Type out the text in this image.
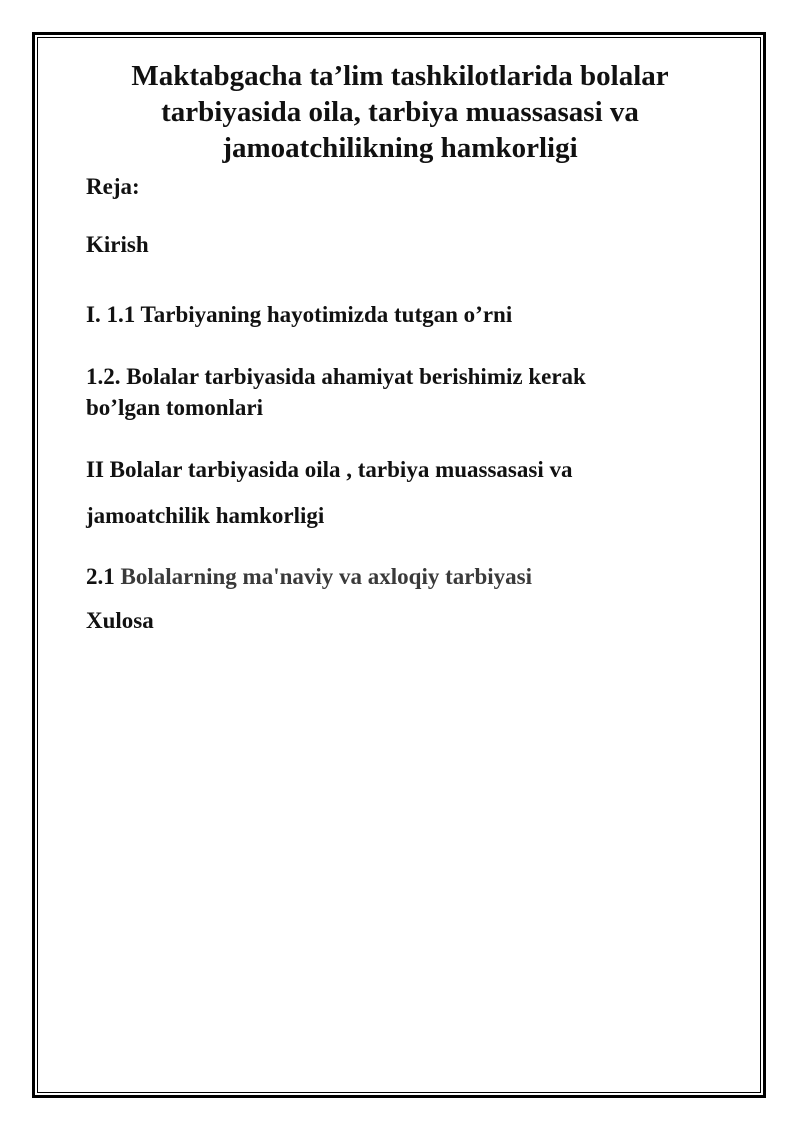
Maktabgacha ta’lim tashkilotlarida bolalar
tarbiyasida oila, tarbiya muassasasi va
jamoatchilikning hamkorligi

Reja:

Kirish

I. 1.1 Tarbiyaning hayotimizda tutgan o’rni

1.2. Bolalar tarbiyasida ahamiyat berishimiz kerak

bo’lgan tomonlari

II Bolalar tarbiyasida oila , tarbiya muassasasi va

jamoatchilik hamkorligi

2.1 Bolalarning ma'naviy va axloqiy tarbiyasi

Xulosa
